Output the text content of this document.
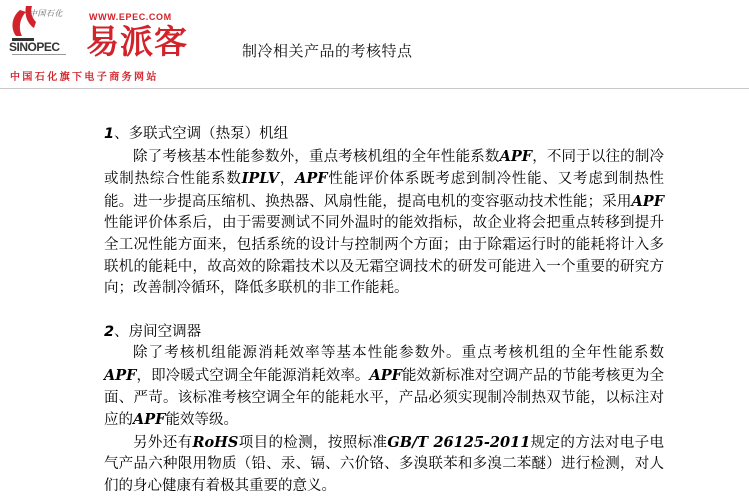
中国石化
SINOPEC
WWW.EPEC.COM
易派客
中国石化旗下电子商务网站
制冷相关产品的考核特点

1、多联式空调（热泵）机组

除了考核基本性能参数外，重点考核机组的全年性能系数APF，不同于以往的制冷或制热综合性能系数IPLV，APF性能评价体系既考虑到制冷性能、又考虑到制热性能。进一步提高压缩机、换热器、风扇性能，提高电机的变容驱动技术性能；采用APF性能评价体系后，由于需要测试不同外温时的能效指标，故企业将会把重点转移到提升全工况性能方面来，包括系统的设计与控制两个方面；由于除霜运行时的能耗将计入多联机的能耗中，故高效的除霜技术以及无霜空调技术的研发可能进入一个重要的研究方向；改善制冷循环，降低多联机的非工作能耗。

2、房间空调器

除了考核机组能源消耗效率等基本性能参数外。重点考核机组的全年性能系数APF，即冷暖式空调全年能源消耗效率。APF能效新标准对空调产品的节能考核更为全面、严苛。该标准考核空调全年的能耗水平，产品必须实现制冷制热双节能，以标注对应的APF能效等级。

另外还有RoHS项目的检测，按照标准GB/T 26125-2011规定的方法对电子电气产品六种限用物质（铅、汞、镉、六价铬、多溴联苯和多溴二苯醚）进行检测，对人们的身心健康有着极其重要的意义。
